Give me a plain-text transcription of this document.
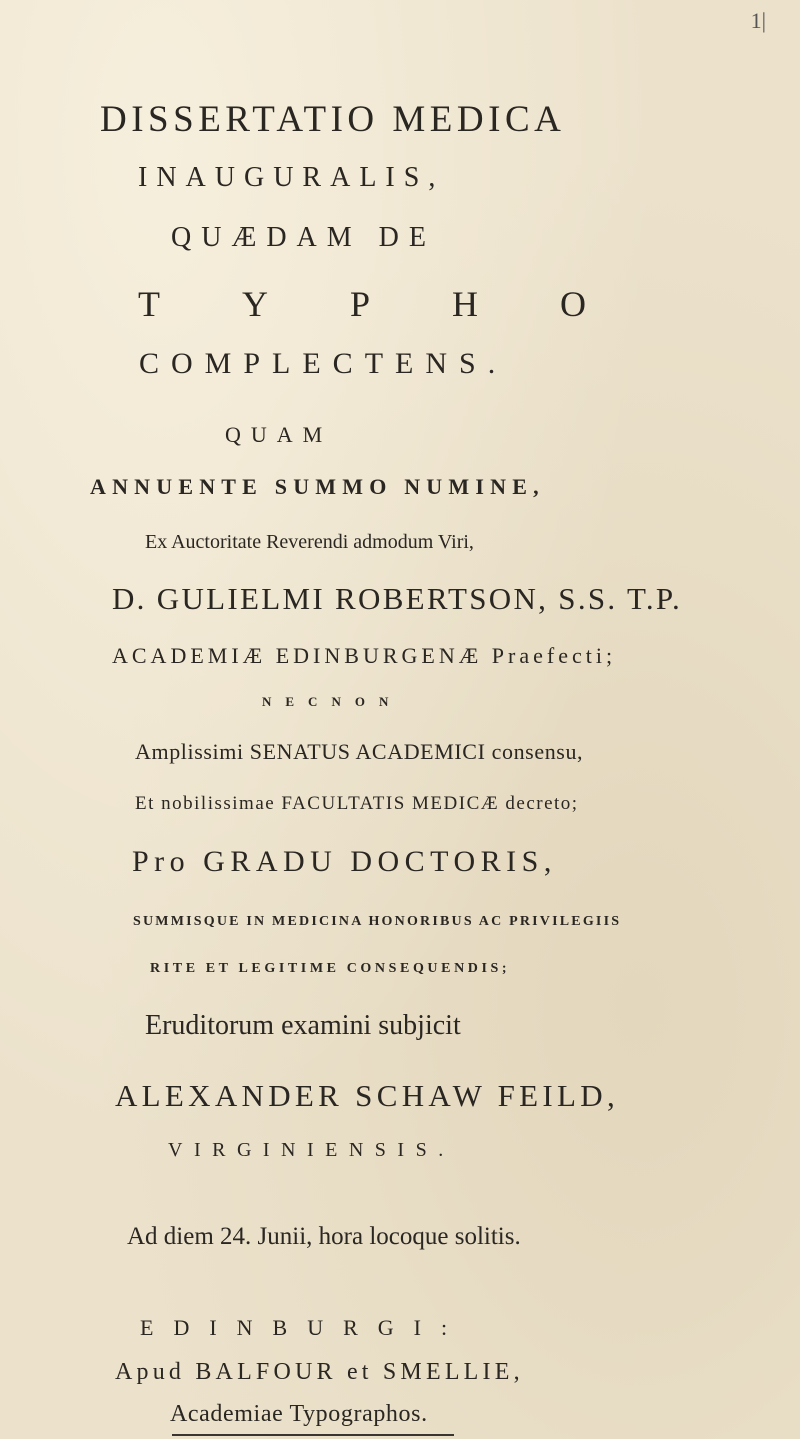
1|
DISSERTATIO MEDICA
INAUGURALIS,
QUÆDAM DE
TYPHO
COMPLECTENS.
QUAM
ANNUENTE SUMMO NUMINE,
Ex Auctoritate Reverendi admodum Viri,
D. GULIELMI ROBERTSON, S.S. T.P.
ACADEMIÆ EDINBURGENÆ Praefecti;
NECNON
Amplissimi SENATUS ACADEMICI consensu,
Et nobilissimae FACULTATIS MEDICÆ decreto;
Pro GRADU DOCTORIS,
SUMMISQUE IN MEDICINA HONORIBUS AC PRIVILEGIIS
RITE ET LEGITIME CONSEQUENDIS;
Eruditorum examini subjicit
ALEXANDER SCHAW FEILD,
VIRGINIENSIS.
Ad diem 24. Junii, hora locoque solitis.
EDINBURGI:
Apud BALFOUR et SMELLIE,
Academiae Typographos.
